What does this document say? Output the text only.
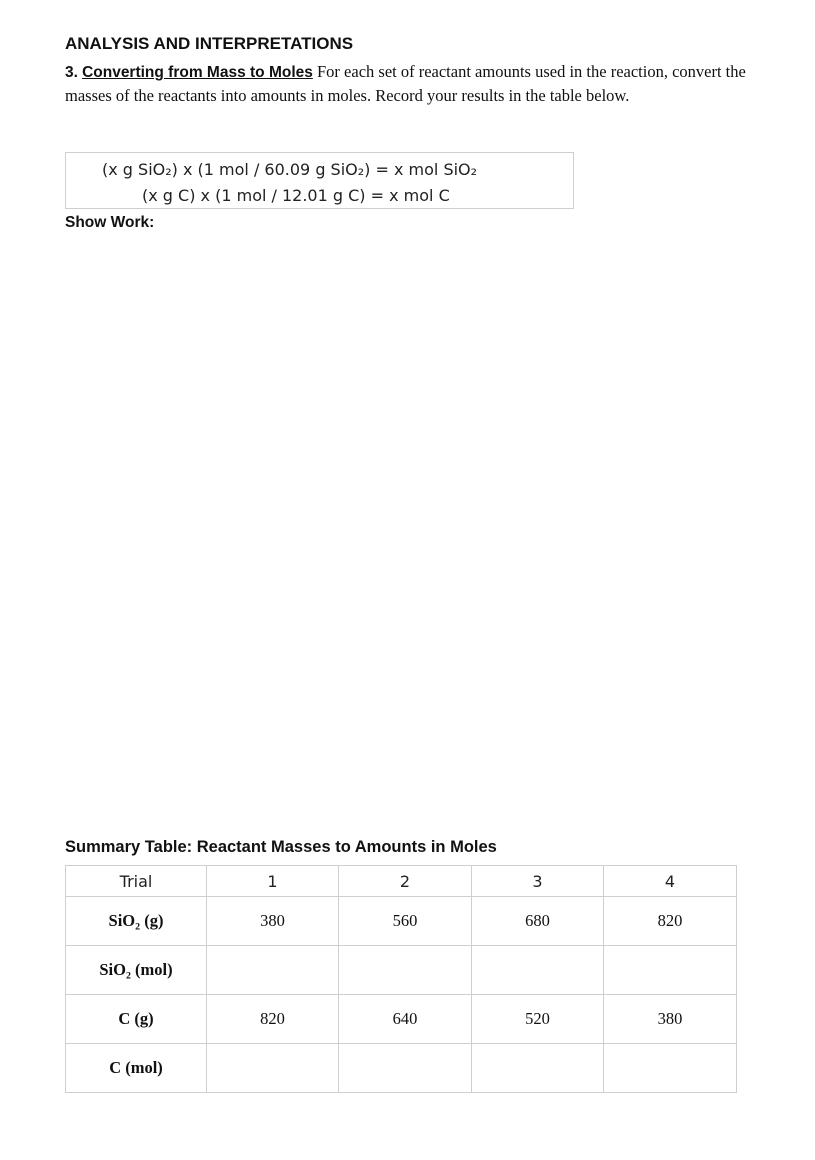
ANALYSIS AND INTERPRETATIONS
3. Converting from Mass to Moles For each set of reactant amounts used in the reaction, convert the masses of the reactants into amounts in moles. Record your results in the table below.
(x g SiO₂) x (1 mol / 60.09 g SiO₂) = x mol SiO₂
(x g C) x (1 mol / 12.01 g C) = x mol C
Show Work:
Summary Table: Reactant Masses to Amounts in Moles
Trial	1	2	3	4
SiO₂ (g)	380	560	680	820
SiO₂ (mol)				
C (g)	820	640	520	380
C (mol)				
